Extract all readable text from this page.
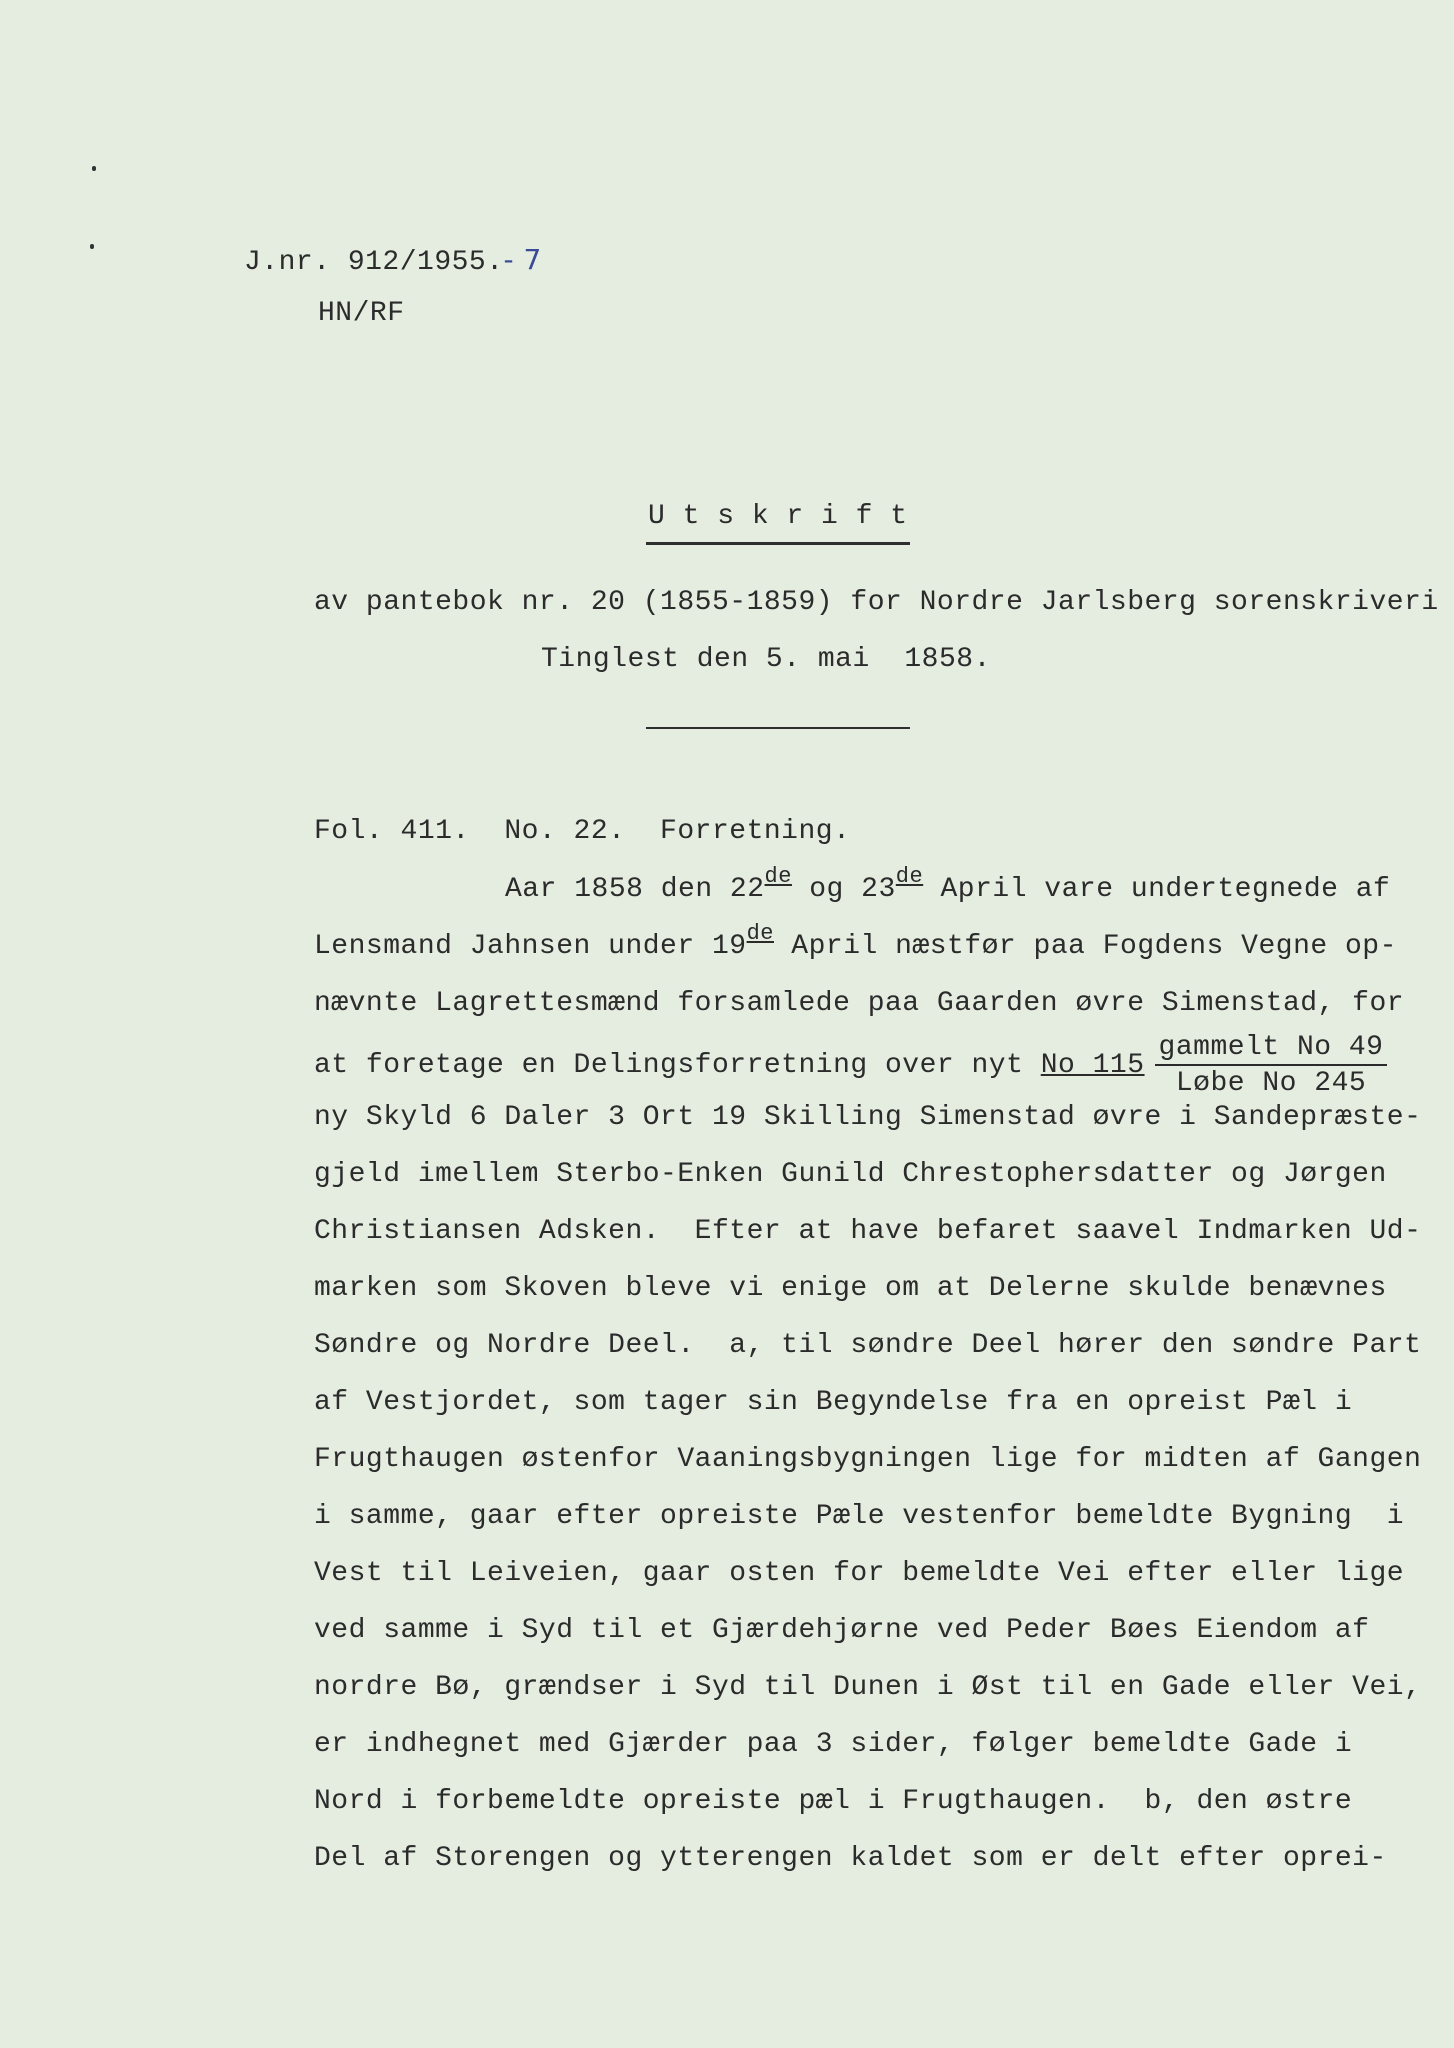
J.nr. 912/1955.- 7
HN/RF
U t s k r i f t
av pantebok nr. 20 (1855-1859) for Nordre Jarlsberg sorenskriveri
Tinglest den 5. mai  1858.
Fol. 411.  No. 22.  Forretning.
Aar 1858 den 22de og 23de April vare undertegnede af
Lensmand Jahnsen under 19de April næstfør paa Fogdens Vegne op-
nævnte Lagrettesmænd forsamlede paa Gaarden øvre Simenstad, for
at foretage en Delingsforretning over nyt No $115 \frac{\text{gammelt No 49}}{\text{Løbe No 245}}$
ny Skyld 6 Daler 3 Ort 19 Skilling Simenstad øvre i Sandepræste-
gjeld imellem Sterbo-Enken Gunild Chrestophersdatter og Jørgen
Christiansen Adsken.  Efter at have befaret saavel Indmarken Ud-
marken som Skoven bleve vi enige om at Delerne skulde benævnes
Søndre og Nordre Deel.  a, til søndre Deel hører den søndre Part
af Vestjordet, som tager sin Begyndelse fra en opreist Pæl i
Frugthaugen østenfor Vaaningsbygningen lige for midten af Gangen
i samme, gaar efter opreiste Pæle vestenfor bemeldte Bygning  i
Vest til Leiveien, gaar osten for bemeldte Vei efter eller lige
ved samme i Syd til et Gjærdehjørne ved Peder Bøes Eiendom af
nordre Bø, grændser i Syd til Dunen i Øst til en Gade eller Vei,
er indhegnet med Gjærder paa 3 sider, følger bemeldte Gade i
Nord i forbemeldte opreiste pæl i Frugthaugen.  b, den østre
Del af Storengen og ytterengen kaldet som er delt efter oprei-
